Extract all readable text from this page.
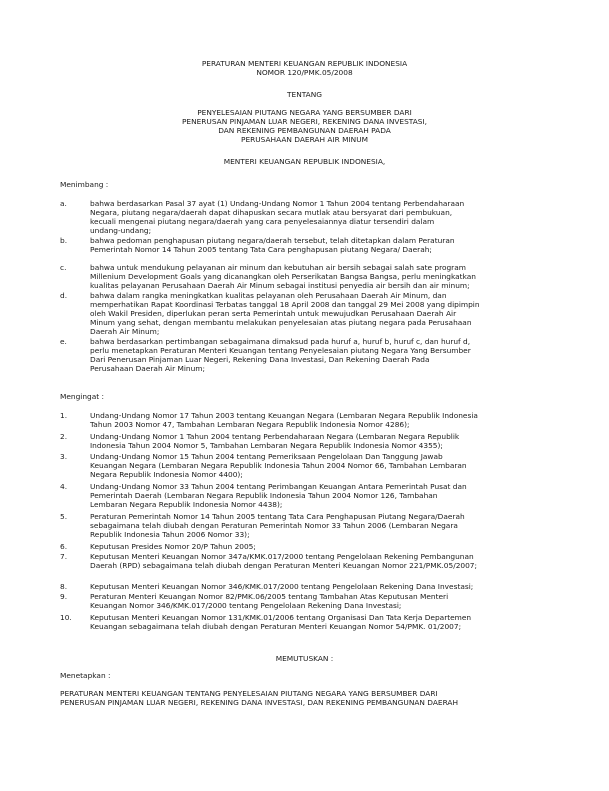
PERATURAN MENTERI KEUANGAN REPUBLIK INDONESIA
NOMOR 120/PMK.05/2008
TENTANG
PENYELESAIAN PIUTANG NEGARA YANG BERSUMBER DARI
PENERUSAN PINJAMAN LUAR NEGERI, REKENING DANA INVESTASI,
DAN REKENING PEMBANGUNAN DAERAH PADA
PERUSAHAAN DAERAH AIR MINUM
MENTERI KEUANGAN REPUBLIK INDONESIA,
Menimbang :
a.	bahwa berdasarkan Pasal 37 ayat (1) Undang-Undang Nomor 1 Tahun 2004 tentang Perbendaharaan
Negara, piutang negara/daerah dapat dihapuskan secara mutlak atau bersyarat dari pembukuan,
kecuali mengenai piutang negara/daerah yang cara penyelesaiannya diatur tersendiri dalam
undang-undang;
b.	bahwa pedoman penghapusan piutang negara/daerah tersebut, telah ditetapkan dalam Peraturan
Pemerintah Nomor 14 Tahun 2005 tentang Tata Cara penghapusan piutang Negara/ Daerah;
c.	bahwa untuk mendukung pelayanan air minum dan kebutuhan air bersih sebagai salah sate program
Millenium Development Goals yang dicanangkan oleh Perserikatan Bangsa Bangsa, perlu meningkatkan
kualitas pelayanan Perusahaan Daerah Air Minum sebagai institusi penyedia air bersih dan air minum;
d.	bahwa dalam rangka meningkatkan kualitas pelayanan oleh Perusahaan Daerah Air Minum, dan
memperhatikan Rapat Koordinasi Terbatas tanggal 18 April 2008 dan tanggal 29 Mei 2008 yang dipimpin
oleh Wakil Presiden, diperlukan peran serta Pemerintah untuk mewujudkan Perusahaan Daerah Air
Minum yang sehat, dengan membantu melakukan penyelesaian atas piutang negara pada Perusahaan
Daerah Air Minum;
e.	bahwa berdasarkan pertimbangan sebagaimana dimaksud pada huruf a, huruf b, huruf c, dan huruf d,
perlu menetapkan Peraturan Menteri Keuangan tentang Penyelesaian piutang Negara Yang Bersumber
Dari Penerusan Pinjaman Luar Negeri, Rekening Dana Investasi, Dan Rekening Daerah Pada
Perusahaan Daerah Air Minum;
Mengingat :
1.	Undang-Undang Nomor 17 Tahun 2003 tentang Keuangan Negara (Lembaran Negara Republik Indonesia
Tahun 2003 Nomor 47, Tambahan Lembaran Negara Republik Indonesia Nomor 4286);
2.	Undang-Undang Nomor 1 Tahun 2004 tentang Perbendaharaan Negara (Lembaran Negara Republik
Indonesia Tahun 2004 Nomor 5, Tambahan Lembaran Negara Republik Indonesia Nomor 4355);
3.	Undang-Undang Nomor 15 Tahun 2004 tentang Pemeriksaan Pengelolaan Dan Tanggung Jawab
Keuangan Negara (Lembaran Negara Republik Indonesia Tahun 2004 Nomor 66, Tambahan Lembaran
Negara Republik Indonesia Nomor 4400);
4.	Undang-Undang Nomor 33 Tahun 2004 tentang Perimbangan Keuangan Antara Pemerintah Pusat dan
Pemerintah Daerah (Lembaran Negara Republik Indonesia Tahun 2004 Nomor 126, Tambahan
Lembaran Negara Republik Indonesia Nomor 4438);
5.	Peraturan Pemerintah Nomor 14 Tahun 2005 tentang Tata Cara Penghapusan Piutang Negara/Daerah
sebagaimana telah diubah dengan Peraturan Pemerintah Nomor 33 Tahun 2006 (Lembaran Negara
Republik Indonesia Tahun 2006 Nomor 33);
6.	Keputusan Presides Nomor 20/P Tahun 2005;
7.	Keputusan Menteri Keuangan Nomor 347a/KMK.017/2000 tentang Pengelolaan Rekening Pembangunan
Daerah (RPD) sebagaimana telah diubah dengan Peraturan Menteri Keuangan Nomor 221/PMK.05/2007;
8.	Keputusan Menteri Keuangan Nomor 346/KMK.017/2000 tentang Pengelolaan Rekening Dana Investasi;
9.	Peraturan Menteri Keuangan Nomor 82/PMK.06/2005 tentang Tambahan Atas Keputusan Menteri
Keuangan Nomor 346/KMK.017/2000 tentang Pengelolaan Rekening Dana Investasi;
10. Keputusan Menteri Keuangan Nomor 131/KMK.01/2006 tentang Organisasi Dan Tata Kerja Departemen
Keuangan sebagaimana telah diubah dengan Peraturan Menteri Keuangan Nomor 54/PMK. 01/2007;
MEMUTUSKAN :
Menetapkan :
PERATURAN MENTERI KEUANGAN TENTANG PENYELESAIAN PIUTANG NEGARA YANG BERSUMBER DARI
PENERUSAN PINJAMAN LUAR NEGERI, REKENING DANA INVESTASI, DAN REKENING PEMBANGUNAN DAERAH
